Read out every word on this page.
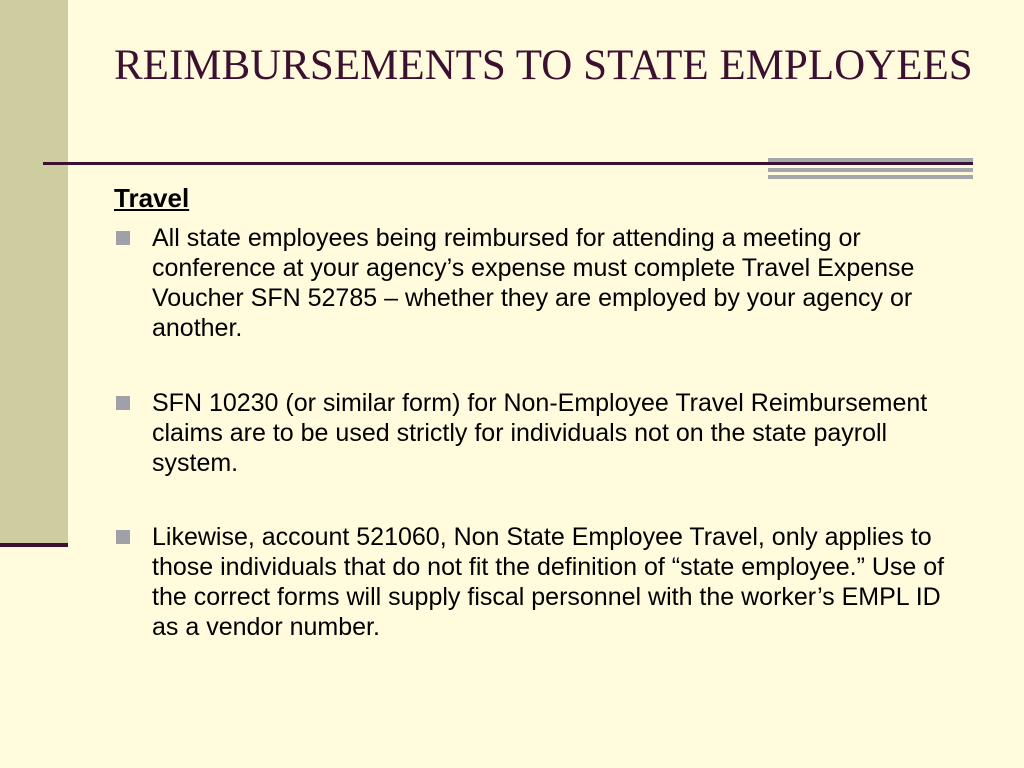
REIMBURSEMENTS TO STATE EMPLOYEES
Travel
All state employees being reimbursed for attending a meeting or conference at your agency’s expense must complete Travel Expense Voucher SFN 52785 – whether they are employed by your agency or another.
SFN 10230 (or similar form) for Non-Employee Travel Reimbursement claims are to be used strictly for individuals not on the state payroll system.
Likewise, account 521060, Non State Employee Travel, only applies to those individuals that do not fit the definition of “state employee.” Use of the correct forms will supply fiscal personnel with the worker’s EMPL ID as a vendor number.
